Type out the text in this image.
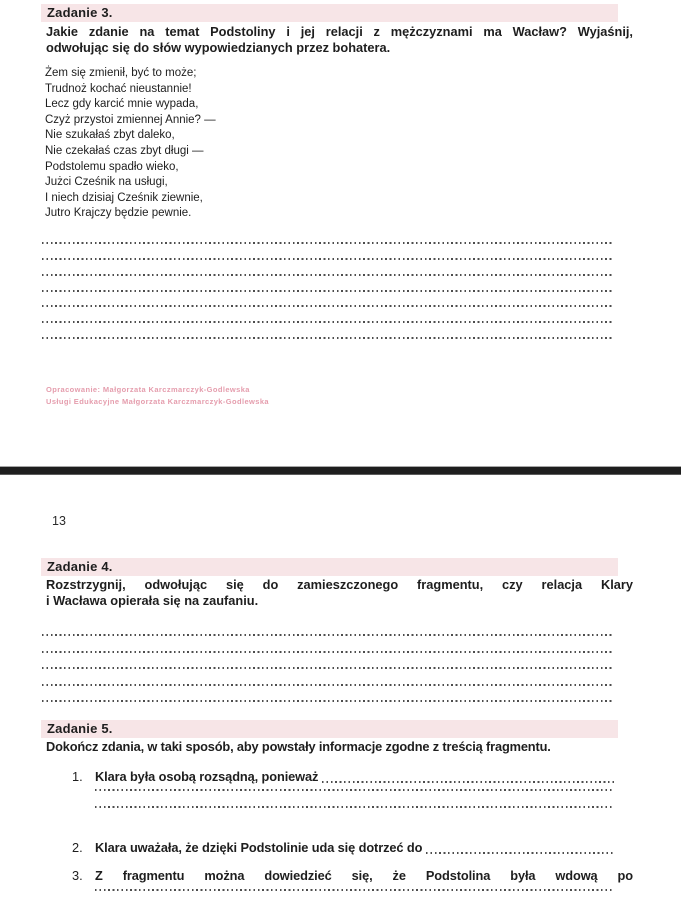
Zadanie 3.
Jakie zdanie na temat Podstoliny i jej relacji z mężczyznami ma Wacław? Wyjaśnij,
odwołując się do słów wypowiedzianych przez bohatera.
Żem się zmienił, być to może;
Trudnoż kochać nieustannie!
Lecz gdy karcić mnie wypada,
Czyż przystoi zmiennej Annie? —
Nie szukałaś zbyt daleko,
Nie czekałaś czas zbyt długi —
Podstolemu spadło wieko,
Jużci Cześnik na usługi,
I niech dzisiaj Cześnik ziewnie,
Jutro Krajczy będzie pewnie.
Opracowanie: Małgorzata Karczmarczyk-Godlewska
Usługi Edukacyjne Małgorzata Karczmarczyk-Godlewska
13
Zadanie 4.
Rozstrzygnij, odwołując się do zamieszczonego fragmentu, czy relacja Klary
i Wacława opierała się na zaufaniu.
Zadanie 5.
Dokończ zdania, w taki sposób, aby powstały informacje zgodne z treścią fragmentu.
1. Klara była osobą rozsądną, ponieważ
2. Klara uważała, że dzięki Podstolinie uda się dotrzeć do
3. Z fragmentu można dowiedzieć się, że Podstolina była wdową po
